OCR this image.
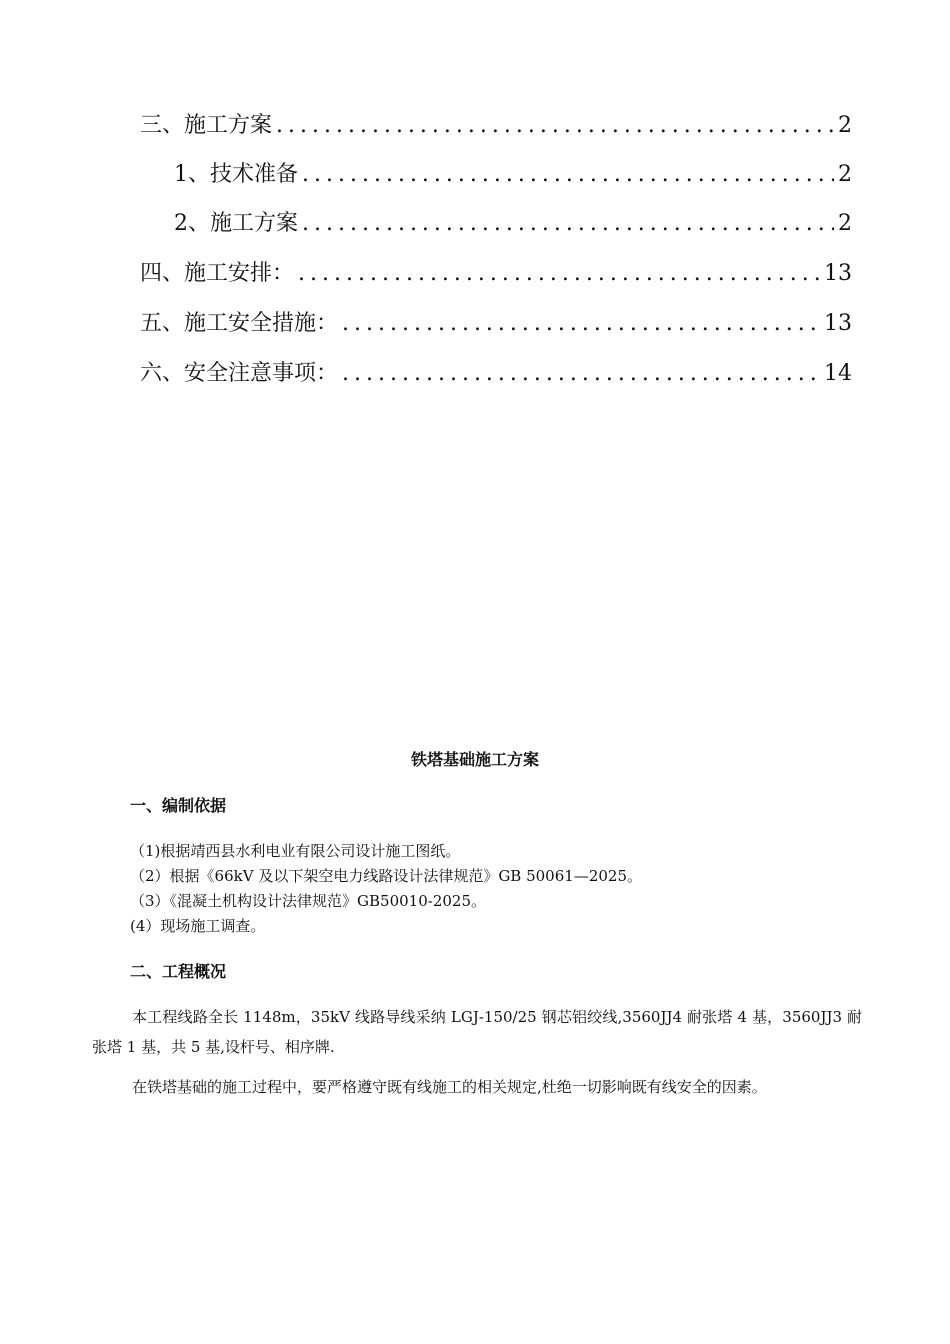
三、施工方案 .....	2
1、技术准备 .....	2
2、施工方案 .....	2
四、施工安排： .....	13
五、施工安全措施： .....	13
六、安全注意事项： .....	14
铁塔基础施工方案
一、编制依据
（1)根据靖西县水利电业有限公司设计施工图纸。
（2）根据《66kV 及以下架空电力线路设计法律规范》GB 50061—2025。
（3）《混凝土机构设计法律规范》GB50010-2025。
(4）现场施工调查。
二、工程概况
本工程线路全长 1148m，35kV 线路导线采纳 LGJ-150/25 钢芯铝绞线,3560JJ4 耐张塔 4 基，3560JJ3 耐张塔 1 基，共 5 基,设杆号、相序牌.
在铁塔基础的施工过程中，要严格遵守既有线施工的相关规定,杜绝一切影响既有线安全的因素。
